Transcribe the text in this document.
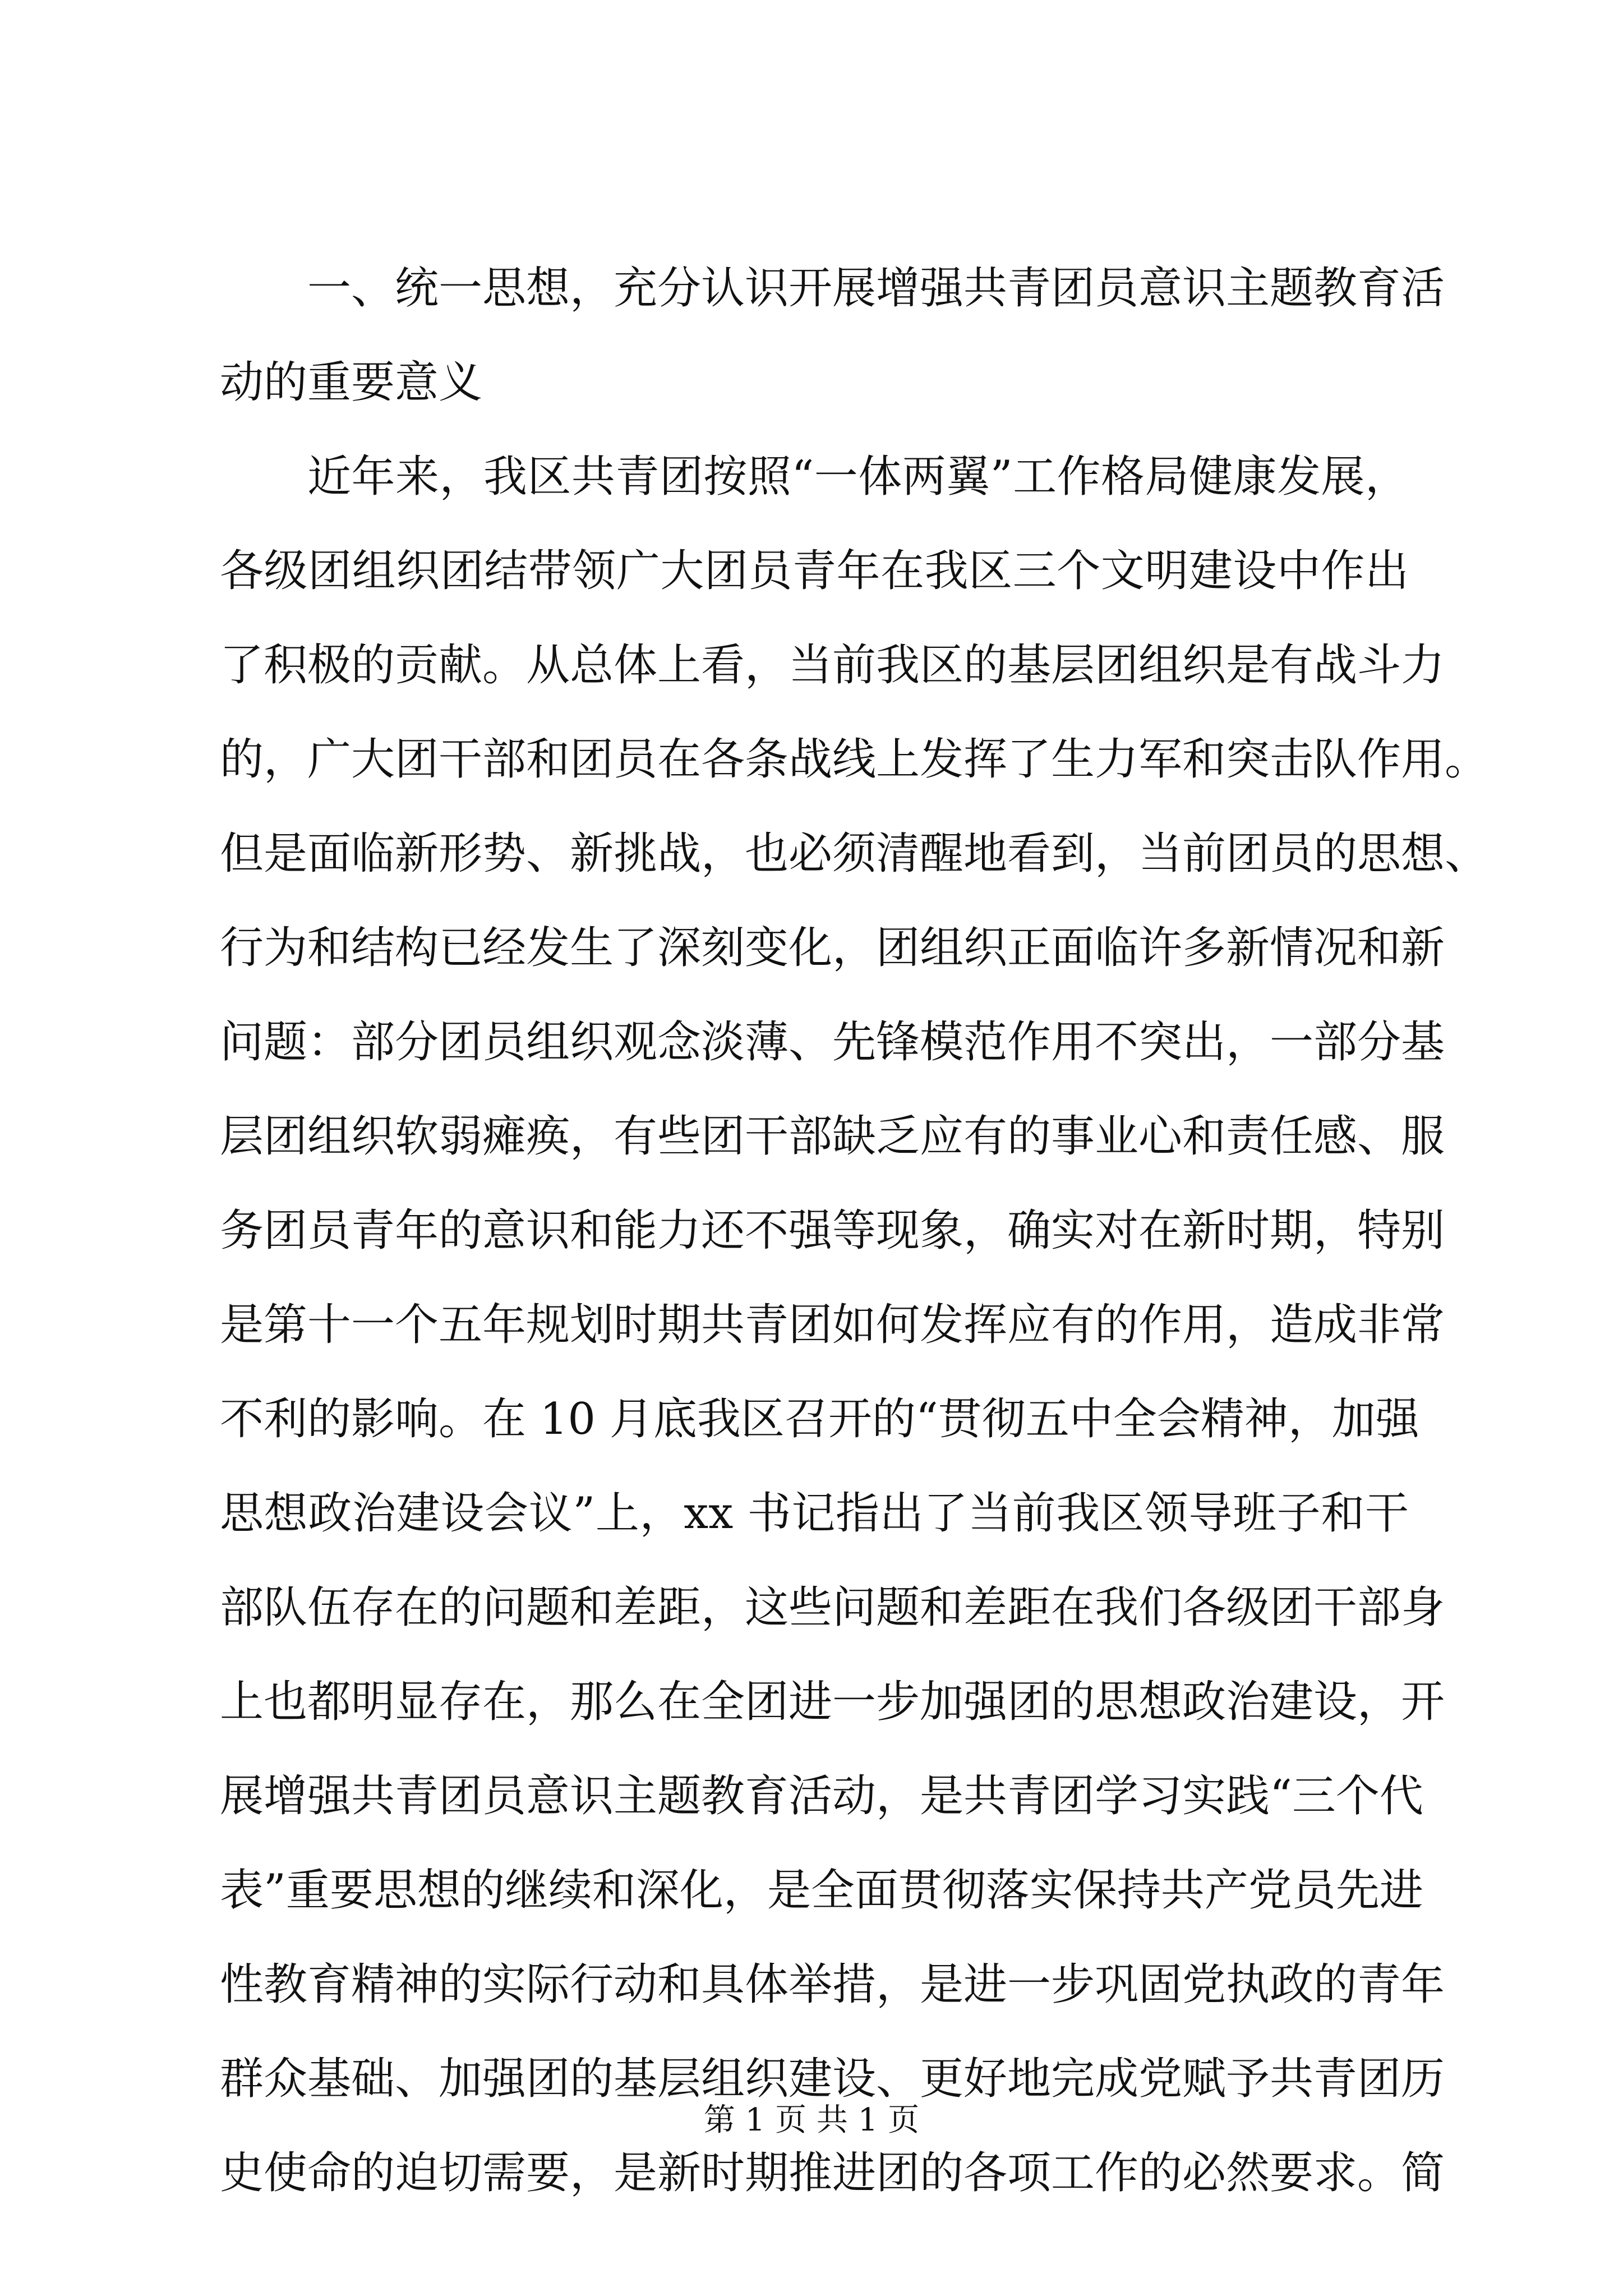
一、统一思想，充分认识开展增强共青团员意识主题教育活
动的重要意义
近年来，我区共青团按照“一体两翼”工作格局健康发展，
各级团组织团结带领广大团员青年在我区三个文明建设中作出
了积极的贡献。从总体上看，当前我区的基层团组织是有战斗力
的，广大团干部和团员在各条战线上发挥了生力军和突击队作用。
但是面临新形势、新挑战，也必须清醒地看到，当前团员的思想、
行为和结构已经发生了深刻变化，团组织正面临许多新情况和新
问题：部分团员组织观念淡薄、先锋模范作用不突出，一部分基
层团组织软弱瘫痪，有些团干部缺乏应有的事业心和责任感、服
务团员青年的意识和能力还不强等现象，确实对在新时期，特别
是第十一个五年规划时期共青团如何发挥应有的作用，造成非常
不利的影响。在 10 月底我区召开的“贯彻五中全会精神，加强
思想政治建设会议”上，xx 书记指出了当前我区领导班子和干
部队伍存在的问题和差距，这些问题和差距在我们各级团干部身
上也都明显存在，那么在全团进一步加强团的思想政治建设，开
展增强共青团员意识主题教育活动，是共青团学习实践“三个代
表”重要思想的继续和深化，是全面贯彻落实保持共产党员先进
性教育精神的实际行动和具体举措，是进一步巩固党执政的青年
群众基础、加强团的基层组织建设、更好地完成党赋予共青团历
史使命的迫切需要，是新时期推进团的各项工作的必然要求。简
第 1 页 共 1 页
